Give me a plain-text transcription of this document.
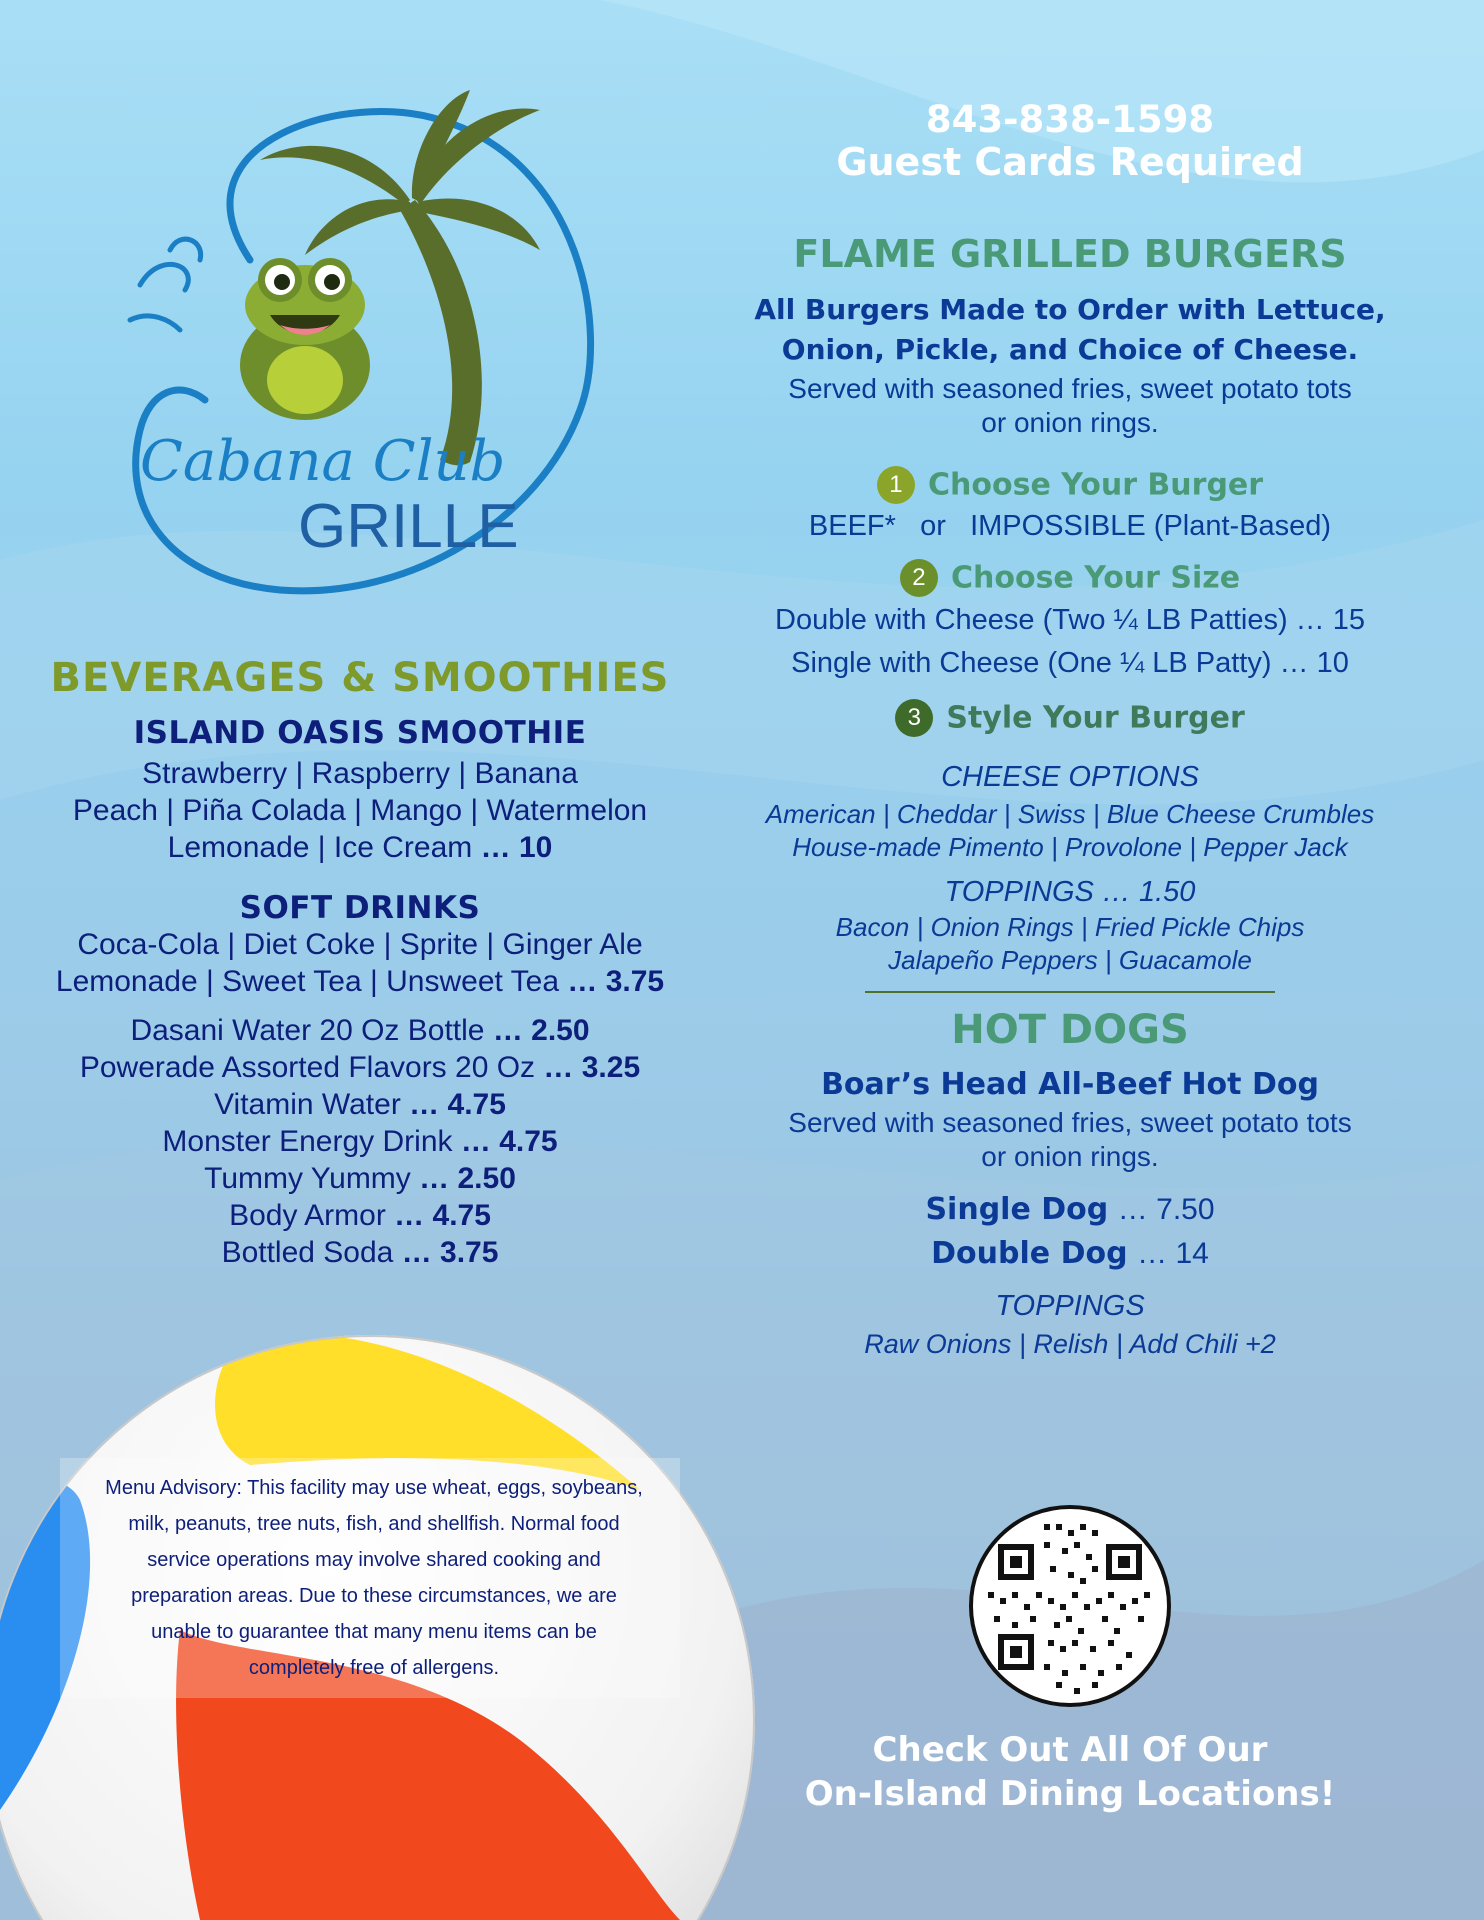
Cabana Club
GRILLE
BEVERAGES & SMOOTHIES
ISLAND OASIS SMOOTHIE
Strawberry | Raspberry | Banana
Peach | Piña Colada | Mango | Watermelon
Lemonade | Ice Cream … 10
SOFT DRINKS
Coca-Cola | Diet Coke | Sprite | Ginger Ale
Lemonade | Sweet Tea | Unsweet Tea … 3.75
Dasani Water 20 Oz Bottle … 2.50
Powerade Assorted Flavors 20 Oz … 3.25
Vitamin Water … 4.75
Monster Energy Drink … 4.75
Tummy Yummy … 2.50
Body Armor … 4.75
Bottled Soda … 3.75
Menu Advisory: This facility may use wheat, eggs, soybeans,
milk, peanuts, tree nuts, fish, and shellfish. Normal food
service operations may involve shared cooking and
preparation areas. Due to these circumstances, we are
unable to guarantee that many menu items can be
completely free of allergens.
843-838-1598
Guest Cards Required
FLAME GRILLED BURGERS
All Burgers Made to Order with Lettuce,
Onion, Pickle, and Choice of Cheese.
Served with seasoned fries, sweet potato tots
or onion rings.
1 Choose Your Burger
BEEF* or IMPOSSIBLE (Plant-Based)
2 Choose Your Size
Double with Cheese (Two ¼ LB Patties) … 15
Single with Cheese (One ¼ LB Patty) … 10
3 Style Your Burger
CHEESE OPTIONS
American | Cheddar | Swiss | Blue Cheese Crumbles
House-made Pimento | Provolone | Pepper Jack
TOPPINGS … 1.50
Bacon | Onion Rings | Fried Pickle Chips
Jalapeño Peppers | Guacamole
HOT DOGS
Boar’s Head All-Beef Hot Dog
Served with seasoned fries, sweet potato tots
or onion rings.
Single Dog … 7.50
Double Dog … 14
TOPPINGS
Raw Onions | Relish | Add Chili +2
Check Out All Of Our
On-Island Dining Locations!
